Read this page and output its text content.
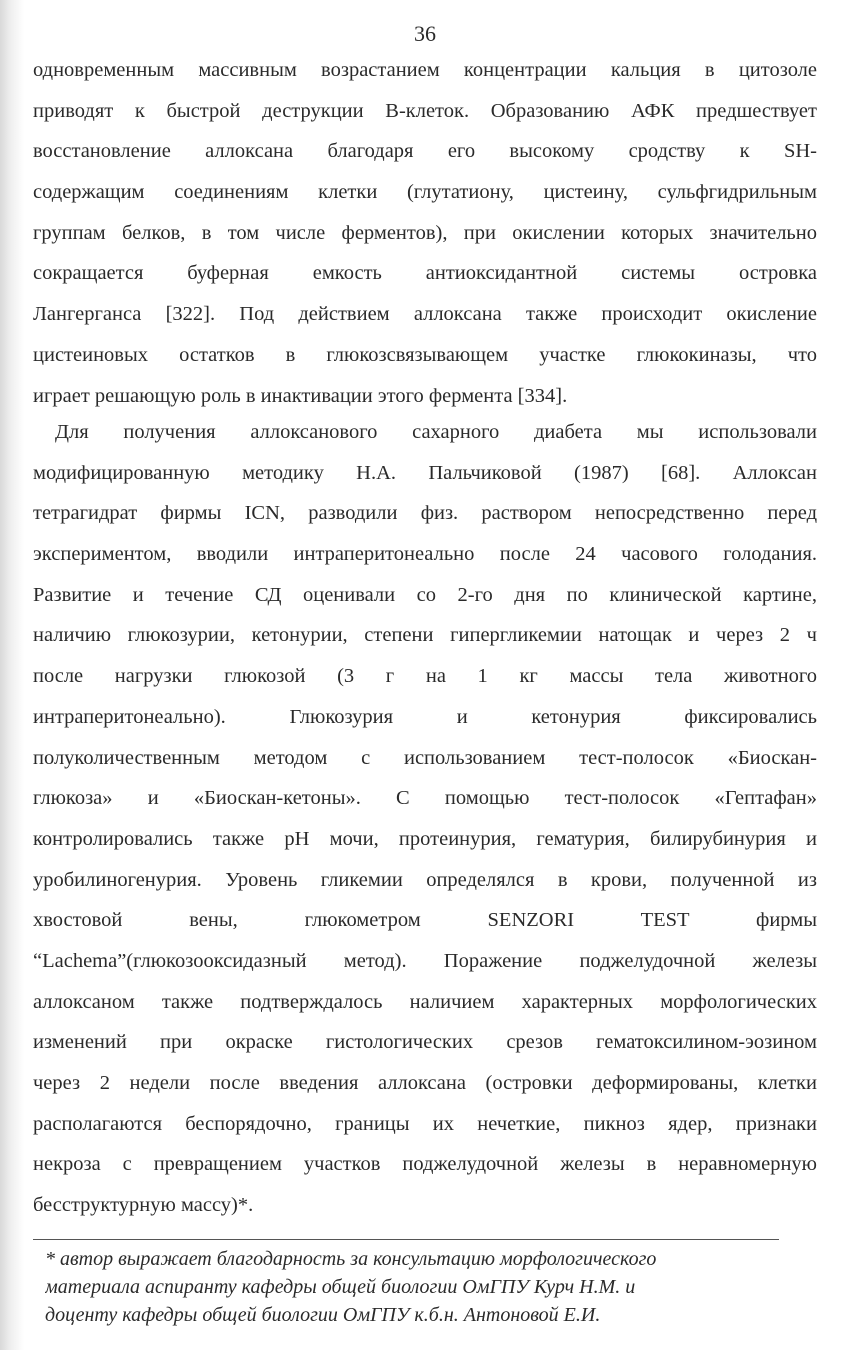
36
одновременным массивным возрастанием концентрации кальция в цитозоле
приводят к быстрой деструкции В-клеток. Образованию АФК предшествует
восстановление аллоксана благодаря его высокому сродству к SH-
содержащим соединениям клетки (глутатиону, цистеину, сульфгидрильным
группам белков, в том числе ферментов), при окислении которых значительно
сокращается буферная емкость антиоксидантной системы островка
Лангерганса [322]. Под действием аллоксана также происходит окисление
цистеиновых остатков в глюкозсвязывающем участке глюкокиназы, что
играет решающую роль в инактивации этого фермента [334].
Для получения аллоксанового сахарного диабета мы использовали
модифицированную методику Н.А. Пальчиковой (1987) [68]. Аллоксан
тетрагидрат фирмы ICN, разводили физ. раствором непосредственно перед
экспериментом, вводили интраперитонеально после 24 часового голодания.
Развитие и течение СД оценивали со 2-го дня по клинической картине,
наличию глюкозурии, кетонурии, степени гипергликемии натощак и через 2 ч
после нагрузки глюкозой (3 г на 1 кг массы тела животного
интраперитонеально). Глюкозурия и кетонурия фиксировались
полуколичественным методом с использованием тест-полосок «Биоскан-
глюкоза» и «Биоскан-кетоны». С помощью тест-полосок «Гептафан»
контролировались также pH мочи, протеинурия, гематурия, билирубинурия и
уробилиногенурия. Уровень гликемии определялся в крови, полученной из
хвостовой вены, глюкометром SENZORI TEST фирмы
“Lachema”(глюкозооксидазный метод). Поражение поджелудочной железы
аллоксаном также подтверждалось наличием характерных морфологических
изменений при окраске гистологических срезов гематоксилином-эозином
через 2 недели после введения аллоксана (островки деформированы, клетки
располагаются беспорядочно, границы их нечеткие, пикноз ядер, признаки
некроза с превращением участков поджелудочной железы в неравномерную
бесструктурную массу)*.
* автор выражает благодарность за консультацию морфологического
материала аспиранту кафедры общей биологии ОмГПУ Курч Н.М. и
доценту кафедры общей биологии ОмГПУ к.б.н. Антоновой Е.И.
